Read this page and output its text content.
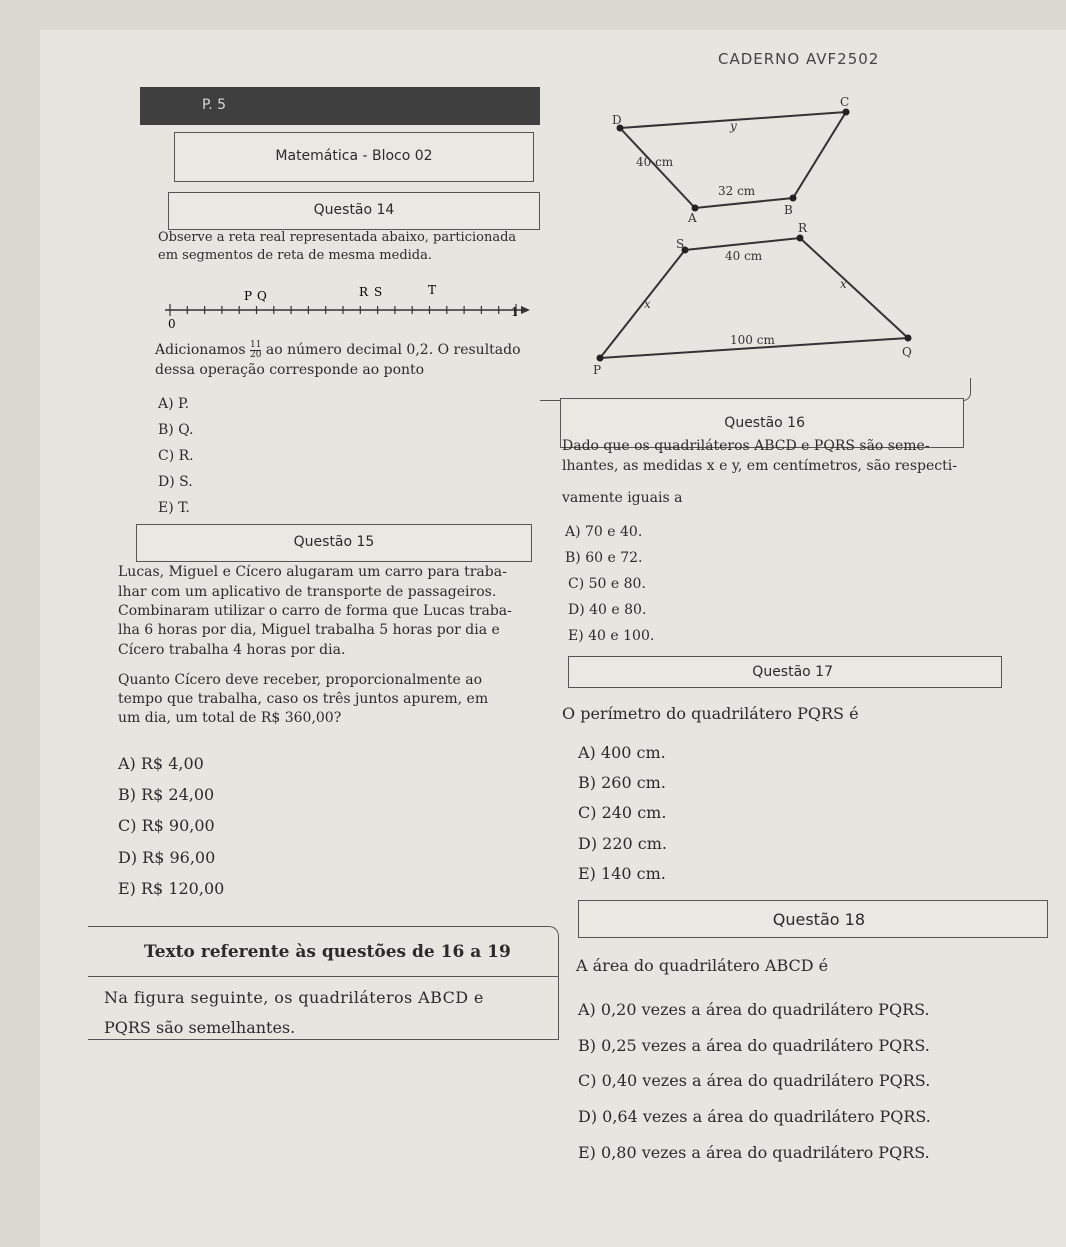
CADERNO AVF2502
P. 5
Matemática - Bloco 02
Questão 14
Observe a reta real representada abaixo, particionada
em segmentos de reta de mesma medida.
0
1
P Q	R S	T
Adicionamos $\frac{11}{20}$ ao número decimal 0,2. O resultado
dessa operação corresponde ao ponto
A) P.
B) Q.
C) R.
D) S.
E) T.
A
B
C
D
P
Q
R
S
y
x
40 cm
32 cm
40 cm
100 cm
x
Questão 16
Dado que os quadriláteros ABCD e PQRS são seme-
lhantes, as medidas x e y, em centímetros, são respecti-
vamente iguais a
A) 70 e 40.
B) 60 e 72.
C) 50 e 80.
D) 40 e 80.
E) 40 e 100.
Questão 15
Lucas, Miguel e Cícero alugaram um carro para traba-
lhar com um aplicativo de transporte de passageiros.
Combinaram utilizar o carro de forma que Lucas traba-
lha 6 horas por dia, Miguel trabalha 5 horas por dia e
Cícero trabalha 4 horas por dia.
Quanto Cícero deve receber, proporcionalmente ao
tempo que trabalha, caso os três juntos apurem, em
um dia, um total de R$ 360,00?
A) R$ 4,00
B) R$ 24,00
C) R$ 90,00
D) R$ 96,00
E) R$ 120,00
Questão 17
O perímetro do quadrilátero PQRS é
A) 400 cm.
B) 260 cm.
C) 240 cm.
D) 220 cm.
E) 140 cm.
Texto referente às questões de 16 a 19
Na figura seguinte, os quadriláteros ABCD e
PQRS são semelhantes.
Questão 18
A área do quadrilátero ABCD é
A) 0,20 vezes a área do quadrilátero PQRS.
B) 0,25 vezes a área do quadrilátero PQRS.
C) 0,40 vezes a área do quadrilátero PQRS.
D) 0,64 vezes a área do quadrilátero PQRS.
E) 0,80 vezes a área do quadrilátero PQRS.
